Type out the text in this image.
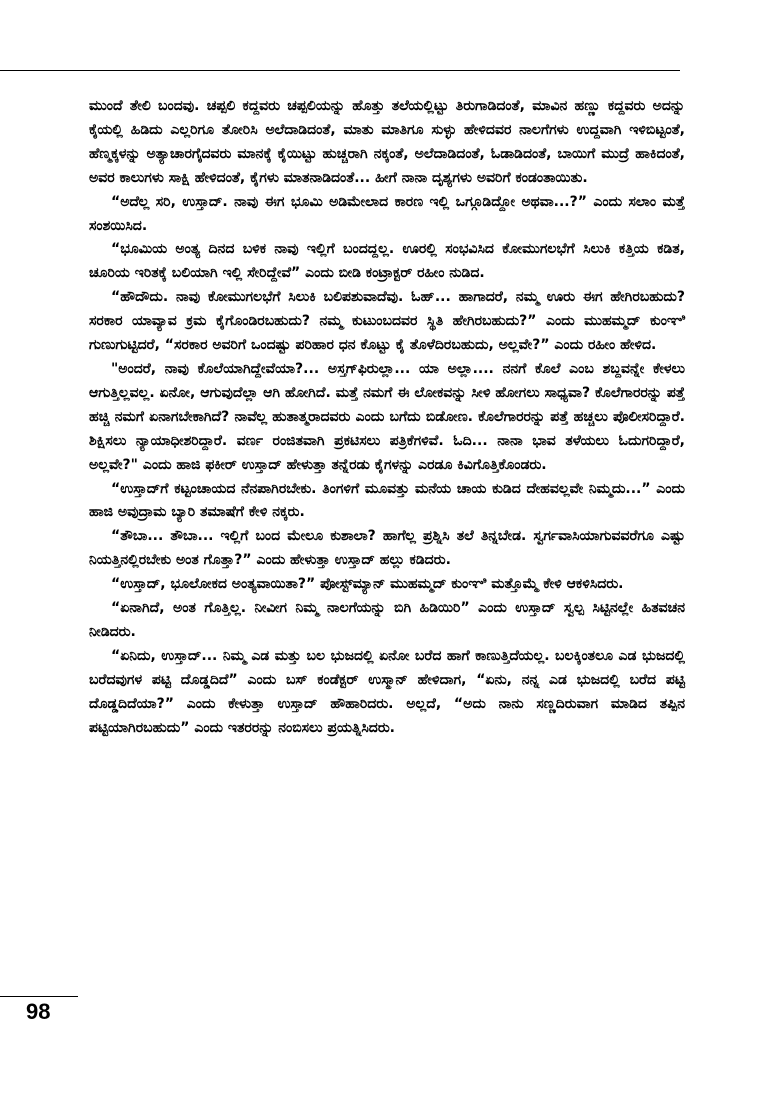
ಮುಂದೆ ತೇಲಿ ಬಂದವು. ಚಪ್ಪಲಿ ಕದ್ದವರು ಚಪ್ಪಲಿಯನ್ನು ಹೊತ್ತು ತಲೆಯಲ್ಲಿಟ್ಟು ತಿರುಗಾಡಿದಂತೆ, ಮಾವಿನ ಹಣ್ಣು ಕದ್ದವರು ಅದನ್ನು ಕೈಯಲ್ಲಿ ಹಿಡಿದು ಎಲ್ಲರಿಗೂ ತೋರಿಸಿ ಅಲೆದಾಡಿದಂತೆ, ಮಾತು ಮಾತಿಗೂ ಸುಳ್ಳು ಹೇಳಿದವರ ನಾಲಗೆಗಳು ಉದ್ದವಾಗಿ ಇಳಿಬಿಟ್ಟಂತೆ, ಹೆಣ್ಮಕ್ಕಳನ್ನು ಅತ್ಯಾಚಾರಗೈದವರು ಮಾನಕ್ಕೆ ಕೈಯಿಟ್ಟು ಹುಚ್ಚರಾಗಿ ನಕ್ಕಂತೆ, ಅಲೆದಾಡಿದಂತೆ, ಓಡಾಡಿದಂತೆ, ಬಾಯಿಗೆ ಮುದ್ರೆ ಹಾಕಿದಂತೆ, ಅವರ ಕಾಲುಗಳು ಸಾಕ್ಷಿ ಹೇಳಿದಂತೆ, ಕೈಗಳು ಮಾತನಾಡಿದಂತೆ... ಹೀಗೆ ನಾನಾ ದೃಶ್ಯಗಳು ಅವರಿಗೆ ಕಂಡಂತಾಯಿತು.

“ಅದೆಲ್ಲ ಸರಿ, ಉಸ್ತಾದ್. ನಾವು ಈಗ ಭೂಮಿ ಅಡಿಮೇಲಾದ ಕಾರಣ ಇಲ್ಲಿ ಒಗ್ಗೂಡಿದ್ದೋ ಅಥವಾ...?” ಎಂದು ಸಲಾಂ ಮತ್ತೆ ಸಂಶಯಿಸಿದ.

“ಭೂಮಿಯ ಅಂತ್ಯ ದಿನದ ಬಳಿಕ ನಾವು ಇಲ್ಲಿಗೆ ಬಂದದ್ದಲ್ಲ. ಊರಲ್ಲಿ ಸಂಭವಿಸಿದ ಕೋಮುಗಲಭೆಗೆ ಸಿಲುಕಿ ಕತ್ತಿಯ ಕಡಿತ, ಚೂರಿಯ ಇರಿತಕ್ಕೆ ಬಲಿಯಾಗಿ ಇಲ್ಲಿ ಸೇರಿದ್ದೇವೆ” ಎಂದು ಬೀಡಿ ಕಂಟ್ರಾಕ್ಟರ್ ರಹೀಂ ನುಡಿದ.

“ಹೌದೌದು. ನಾವು ಕೋಮುಗಲಭೆಗೆ ಸಿಲುಕಿ ಬಲಿಪಶುವಾದೆವು. ಓಹ್... ಹಾಗಾದರೆ, ನಮ್ಮ ಊರು ಈಗ ಹೇಗಿರಬಹುದು? ಸರಕಾರ ಯಾವ್ಯಾವ ಕ್ರಮ ಕೈಗೊಂಡಿರಬಹುದು? ನಮ್ಮ ಕುಟುಂಬದವರ ಸ್ಥಿತಿ ಹೇಗಿರಬಹುದು?” ಎಂದು ಮುಹಮ್ಮದ್ ಕುಂಞಿ ಗುಣುಗುಟ್ಟಿದರೆ, “ಸರಕಾರ ಅವರಿಗೆ ಒಂದಷ್ಟು ಪರಿಹಾರ ಧನ ಕೊಟ್ಟು ಕೈ ತೊಳೆದಿರಬಹುದು, ಅಲ್ಲವೇ?” ಎಂದು ರಹೀಂ ಹೇಳಿದ.

"ಅಂದರೆ, ನಾವು ಕೊಲೆಯಾಗಿದ್ದೇವೆಯಾ?... ಅಸ್ತಗ್‌ಫಿರುಲ್ಲಾ... ಯಾ ಅಲ್ಲಾ.... ನನಗೆ ಕೊಲೆ ಎಂಬ ಶಬ್ದವನ್ನೇ ಕೇಳಲು ಆಗುತ್ತಿಲ್ಲವಲ್ಲ. ಏನೋ, ಆಗುವುದೆಲ್ಲಾ ಆಗಿ ಹೋಗಿದೆ. ಮತ್ತೆ ನಮಗೆ ಈ ಲೋಕವನ್ನು ಸೀಳಿ ಹೋಗಲು ಸಾಧ್ಯವಾ? ಕೊಲೆಗಾರರನ್ನು ಪತ್ತೆ ಹಚ್ಚಿ ನಮಗೆ ಏನಾಗಬೇಕಾಗಿದೆ? ನಾವೆಲ್ಲ ಹುತಾತ್ಮರಾದವರು ಎಂದು ಬಗೆದು ಬಿಡೋಣ. ಕೊಲೆಗಾರರನ್ನು ಪತ್ತೆ ಹಚ್ಚಲು ಪೊಲೀಸರಿದ್ದಾರೆ. ಶಿಕ್ಷಿಸಲು ನ್ಯಾಯಾಧೀಶರಿದ್ದಾರೆ. ವರ್ಣ ರಂಜಿತವಾಗಿ ಪ್ರಕಟಿಸಲು ಪತ್ರಿಕೆಗಳಿವೆ. ಓದಿ... ನಾನಾ ಭಾವ ತಳೆಯಲು ಓದುಗರಿದ್ದಾರೆ, ಅಲ್ಲವೇ?" ಎಂದು ಹಾಜಿ ಫಕೀರ್ ಉಸ್ತಾದ್ ಹೇಳುತ್ತಾ ತನ್ನೆರಡು ಕೈಗಳನ್ನು ಎರಡೂ ಕಿವಿಗೊತ್ತಿಕೊಂಡರು.

“ಉಸ್ತಾದ್‌ಗೆ ಕಟ್ಟಂಚಾಯದ ನೆನಪಾಗಿರಬೇಕು. ತಿಂಗಳಿಗೆ ಮೂವತ್ತು ಮನೆಯ ಚಾಯ ಕುಡಿದ ದೇಹವಲ್ಲವೇ ನಿಮ್ಮದು...” ಎಂದು ಹಾಜಿ ಅವುದ್ರಾಮ ಬ್ಯಾರಿ ತಮಾಷೆಗೆ ಕೇಳಿ ನಕ್ಕರು.

“ತೌಬಾ... ತೌಬಾ... ಇಲ್ಲಿಗೆ ಬಂದ ಮೇಲೂ ಕುಶಾಲಾ? ಹಾಗೆಲ್ಲ ಪ್ರಶ್ನಿಸಿ ತಲೆ ತಿನ್ನಬೇಡ. ಸ್ವರ್ಗವಾಸಿಯಾಗುವವರೆಗೂ ಎಷ್ಟು ನಿಯತ್ತಿನಲ್ಲಿರಬೇಕು ಅಂತ ಗೊತ್ತಾ?” ಎಂದು ಹೇಳುತ್ತಾ ಉಸ್ತಾದ್ ಹಲ್ಲು ಕಡಿದರು.

“ಉಸ್ತಾದ್, ಭೂಲೋಕದ ಅಂತ್ಯವಾಯಿತಾ?” ಪೋಸ್ಟ್‌ಮ್ಯಾನ್ ಮುಹಮ್ಮದ್ ಕುಂಞಿ ಮತ್ತೊಮ್ಮೆ ಕೇಳಿ ಆಕಳಿಸಿದರು.

“ಏನಾಗಿದೆ, ಅಂತ ಗೊತ್ತಿಲ್ಲ. ನೀವೀಗ ನಿಮ್ಮ ನಾಲಗೆಯನ್ನು ಬಿಗಿ ಹಿಡಿಯಿರಿ” ಎಂದು ಉಸ್ತಾದ್ ಸ್ವಲ್ಪ ಸಿಟ್ಟಿನಲ್ಲೇ ಹಿತವಚನ ನೀಡಿದರು.

“ಏನಿದು, ಉಸ್ತಾದ್... ನಿಮ್ಮ ಎಡ ಮತ್ತು ಬಲ ಭುಜದಲ್ಲಿ ಏನೋ ಬರೆದ ಹಾಗೆ ಕಾಣುತ್ತಿದೆಯಲ್ಲ. ಬಲಕ್ಕಿಂತಲೂ ಎಡ ಭುಜದಲ್ಲಿ ಬರೆದವುಗಳ ಪಟ್ಟಿ ದೊಡ್ಡದಿದೆ” ಎಂದು ಬಸ್ ಕಂಡೆಕ್ಟರ್ ಉಸ್ಮಾನ್ ಹೇಳಿದಾಗ, “ಏನು, ನನ್ನ ಎಡ ಭುಜದಲ್ಲಿ ಬರೆದ ಪಟ್ಟಿ ದೊಡ್ಡದಿದೆಯಾ?” ಎಂದು ಕೇಳುತ್ತಾ ಉಸ್ತಾದ್ ಹೌಹಾರಿದರು. ಅಲ್ಲದೆ, “ಅದು ನಾನು ಸಣ್ಣದಿರುವಾಗ ಮಾಡಿದ ತಪ್ಪಿನ ಪಟ್ಟಿಯಾಗಿರಬಹುದು” ಎಂದು ಇತರರನ್ನು ನಂಬಿಸಲು ಪ್ರಯತ್ನಿಸಿದರು.

98
